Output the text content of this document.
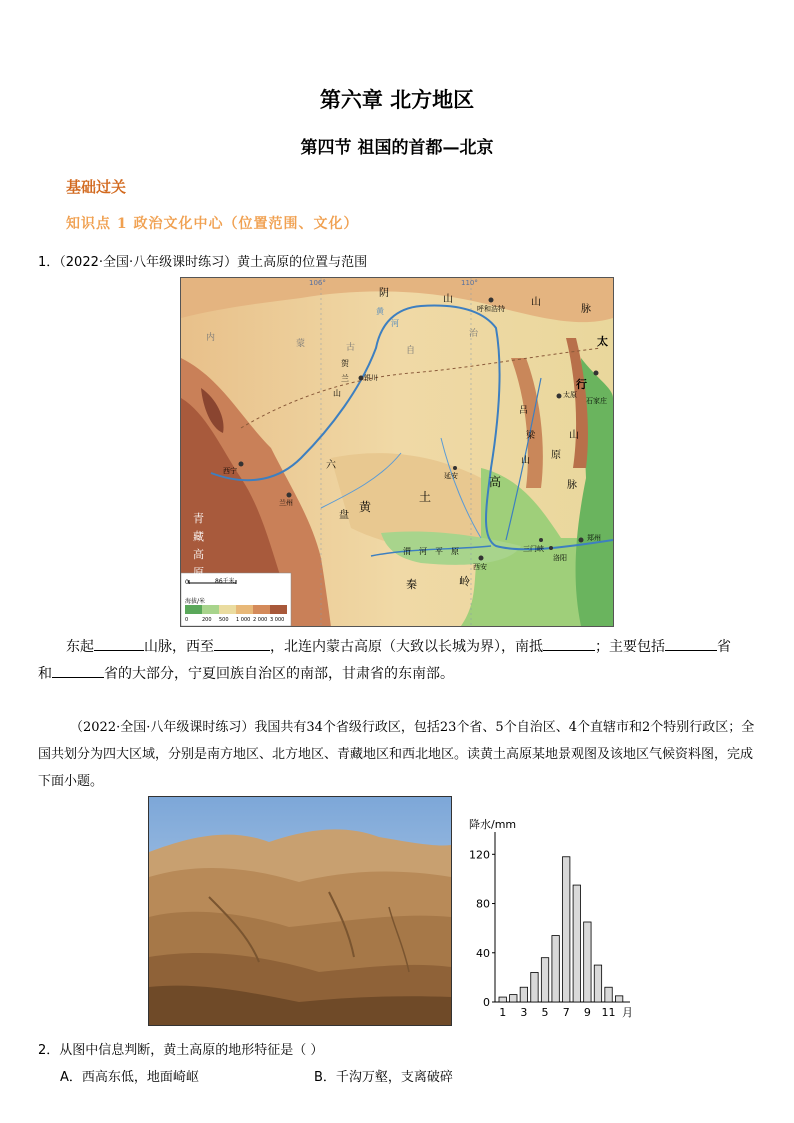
第六章 北方地区
第四节 祖国的首都—北京
基础过关
知识点 1 政治文化中心（位置范围、文化）
1．（2022·全国·八年级课时练习）黄土高原的位置与范围
106°	110°
阴
山	山
脉
呼和浩特
内
蒙	古	自
治
太
行
石家庄
太原
银川
贺
兰
山
吕
梁
山
山
原
脉
六
盘
黄
土
高
西宁
兰州
延安
青
藏
高
原
秦	岭
西安
洛阳
郑州
三门峡
黄
河
渭 河 平 原
0	86千米
海拔/米
0	200 500 1 000 2 000 3 000
东起	山脉，西至	，北连内蒙古高原（大致以长城为界），南抵	；主要包括	省
和	省的大部分，宁夏回族自治区的南部，甘肃省的东南部。
（2022·全国·八年级课时练习）我国共有34个省级行政区，包括23个省、5个自治区、4个直辖市和2个特别行政区；全国共划分为四大区域，分别是南方地区、北方地区、青藏地区和西北地区。读黄土高原某地景观图及该地区气候资料图，完成下面小题。
降水/mm
0
40
80
120
1 3 5 7 9 11 月
2．从图中信息判断，黄土高原的地形特征是（ ）
A．西高东低，地面崎岖	B．千沟万壑，支离破碎
